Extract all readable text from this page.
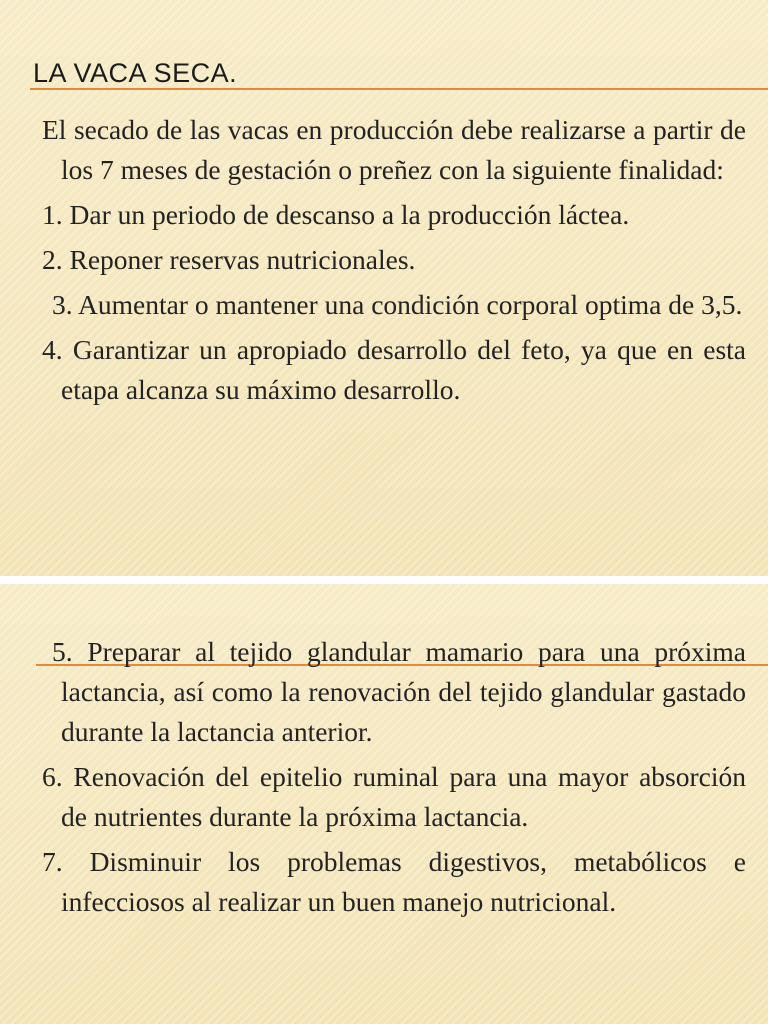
LA VACA SECA.

El secado de las vacas en producción debe realizarse a partir de los 7 meses de gestación o preñez con la siguiente finalidad:

1. Dar un periodo de descanso a la producción láctea.

2. Reponer reservas nutricionales.

3. Aumentar o mantener una condición corporal optima de 3,5.

4. Garantizar un apropiado desarrollo del feto, ya que en esta etapa alcanza su máximo desarrollo.

5. Preparar al tejido glandular mamario para una próxima lactancia, así como la renovación del tejido glandular gastado durante la lactancia anterior.

6. Renovación del epitelio ruminal para una mayor absorción de nutrientes durante la próxima lactancia.

7. Disminuir los problemas digestivos, metabólicos e infecciosos al realizar un buen manejo nutricional.
